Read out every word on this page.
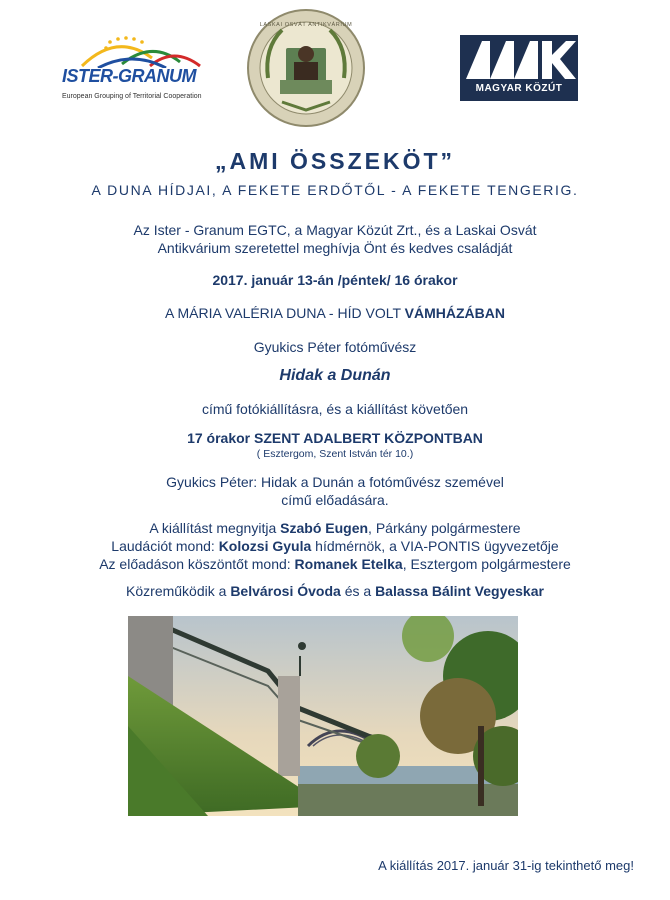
ISTER-GRANUM
European Grouping of Territorial Cooperation
LASKAI OSVÁT ANTIKVÁRIUM
MAGYAR KÖZÚT
„AMI ÖSSZEKÖT”
A DUNA HÍDJAI, A FEKETE ERDŐTŐL - A FEKETE TENGERIG.
Az Ister - Granum EGTC, a Magyar Közút Zrt., és a Laskai Osvát
Antikvárium szeretettel meghívja Önt és kedves családját
2017. január 13-án /péntek/ 16 órakor
A MÁRIA VALÉRIA DUNA - HÍD VOLT VÁMHÁZÁBAN
Gyukics Péter fotóművész
Hidak a Dunán
című fotókiállításra, és a kiállítást követően
17 órakor SZENT ADALBERT KÖZPONTBAN
( Esztergom, Szent István tér 10.)
Gyukics Péter: Hidak a Dunán a fotóművész szemével
című előadására.
A kiállítást megnyitja Szabó Eugen, Párkány polgármestere
Laudációt mond: Kolozsi Gyula hídmérnök, a VIA-PONTIS ügyvezetője
Az előadáson köszöntőt mond: Romanek Etelka, Esztergom polgármestere
Közreműködik a Belvárosi Óvoda és a Balassa Bálint Vegyeskar
A kiállítás 2017. január 31-ig tekinthető meg!
